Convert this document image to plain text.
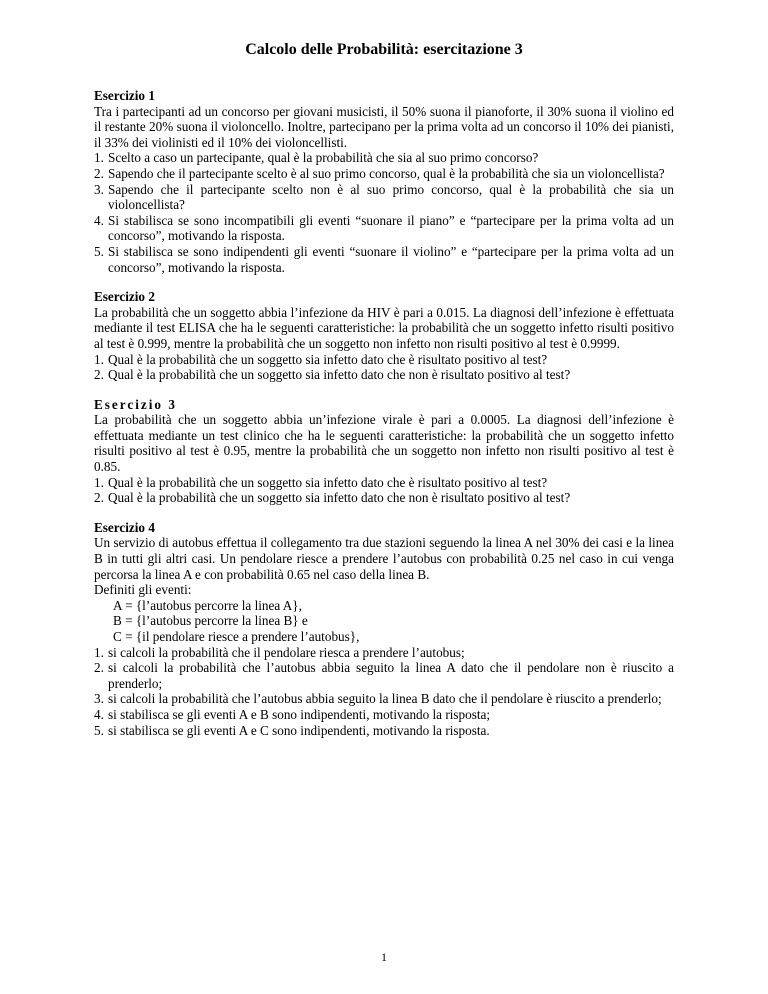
Calcolo delle Probabilità: esercitazione 3

Esercizio 1

Tra i partecipanti ad un concorso per giovani musicisti, il 50% suona il pianoforte, il 30% suona il violino ed il restante 20% suona il violoncello. Inoltre, partecipano per la prima volta ad un concorso il 10% dei pianisti, il 33% dei violinisti ed il 10% dei violoncellisti.

1. Scelto a caso un partecipante, qual è la probabilità che sia al suo primo concorso?
2. Sapendo che il partecipante scelto è al suo primo concorso, qual è la probabilità che sia un violoncellista?
3. Sapendo che il partecipante scelto non è al suo primo concorso, qual è la probabilità che sia un violoncellista?
4. Si stabilisca se sono incompatibili gli eventi “suonare il piano” e “partecipare per la prima volta ad un concorso”, motivando la risposta.
5. Si stabilisca se sono indipendenti gli eventi “suonare il violino” e “partecipare per la prima volta ad un concorso”, motivando la risposta.

Esercizio 2

La probabilità che un soggetto abbia l’infezione da HIV è pari a 0.015. La diagnosi dell’infezione è effettuata mediante il test ELISA che ha le seguenti caratteristiche: la probabilità che un soggetto infetto risulti positivo al test è 0.999, mentre la probabilità che un soggetto non infetto non risulti positivo al test è 0.9999.

1. Qual è la probabilità che un soggetto sia infetto dato che è risultato positivo al test?
2. Qual è la probabilità che un soggetto sia infetto dato che non è risultato positivo al test?

Esercizio 3

La probabilità che un soggetto abbia un’infezione virale è pari a 0.0005. La diagnosi dell’infezione è effettuata mediante un test clinico che ha le seguenti caratteristiche: la probabilità che un soggetto infetto risulti positivo al test è 0.95, mentre la probabilità che un soggetto non infetto non risulti positivo al test è 0.85.

1. Qual è la probabilità che un soggetto sia infetto dato che è risultato positivo al test?
2. Qual è la probabilità che un soggetto sia infetto dato che non è risultato positivo al test?

Esercizio 4

Un servizio di autobus effettua il collegamento tra due stazioni seguendo la linea A nel 30% dei casi e la linea B in tutti gli altri casi. Un pendolare riesce a prendere l’autobus con probabilità 0.25 nel caso in cui venga percorsa la linea A e con probabilità 0.65 nel caso della linea B.

Definiti gli eventi:

A = {l’autobus percorre la linea A},

B = {l’autobus percorre la linea B} e

C = {il pendolare riesce a prendere l’autobus},

1. si calcoli la probabilità che il pendolare riesca a prendere l’autobus;
2. si calcoli la probabilità che l’autobus abbia seguito la linea A dato che il pendolare non è riuscito a prenderlo;
3. si calcoli la probabilità che l’autobus abbia seguito la linea B dato che il pendolare è riuscito a prenderlo;
4. si stabilisca se gli eventi A e B sono indipendenti, motivando la risposta;
5. si stabilisca se gli eventi A e C sono indipendenti, motivando la risposta.
1
